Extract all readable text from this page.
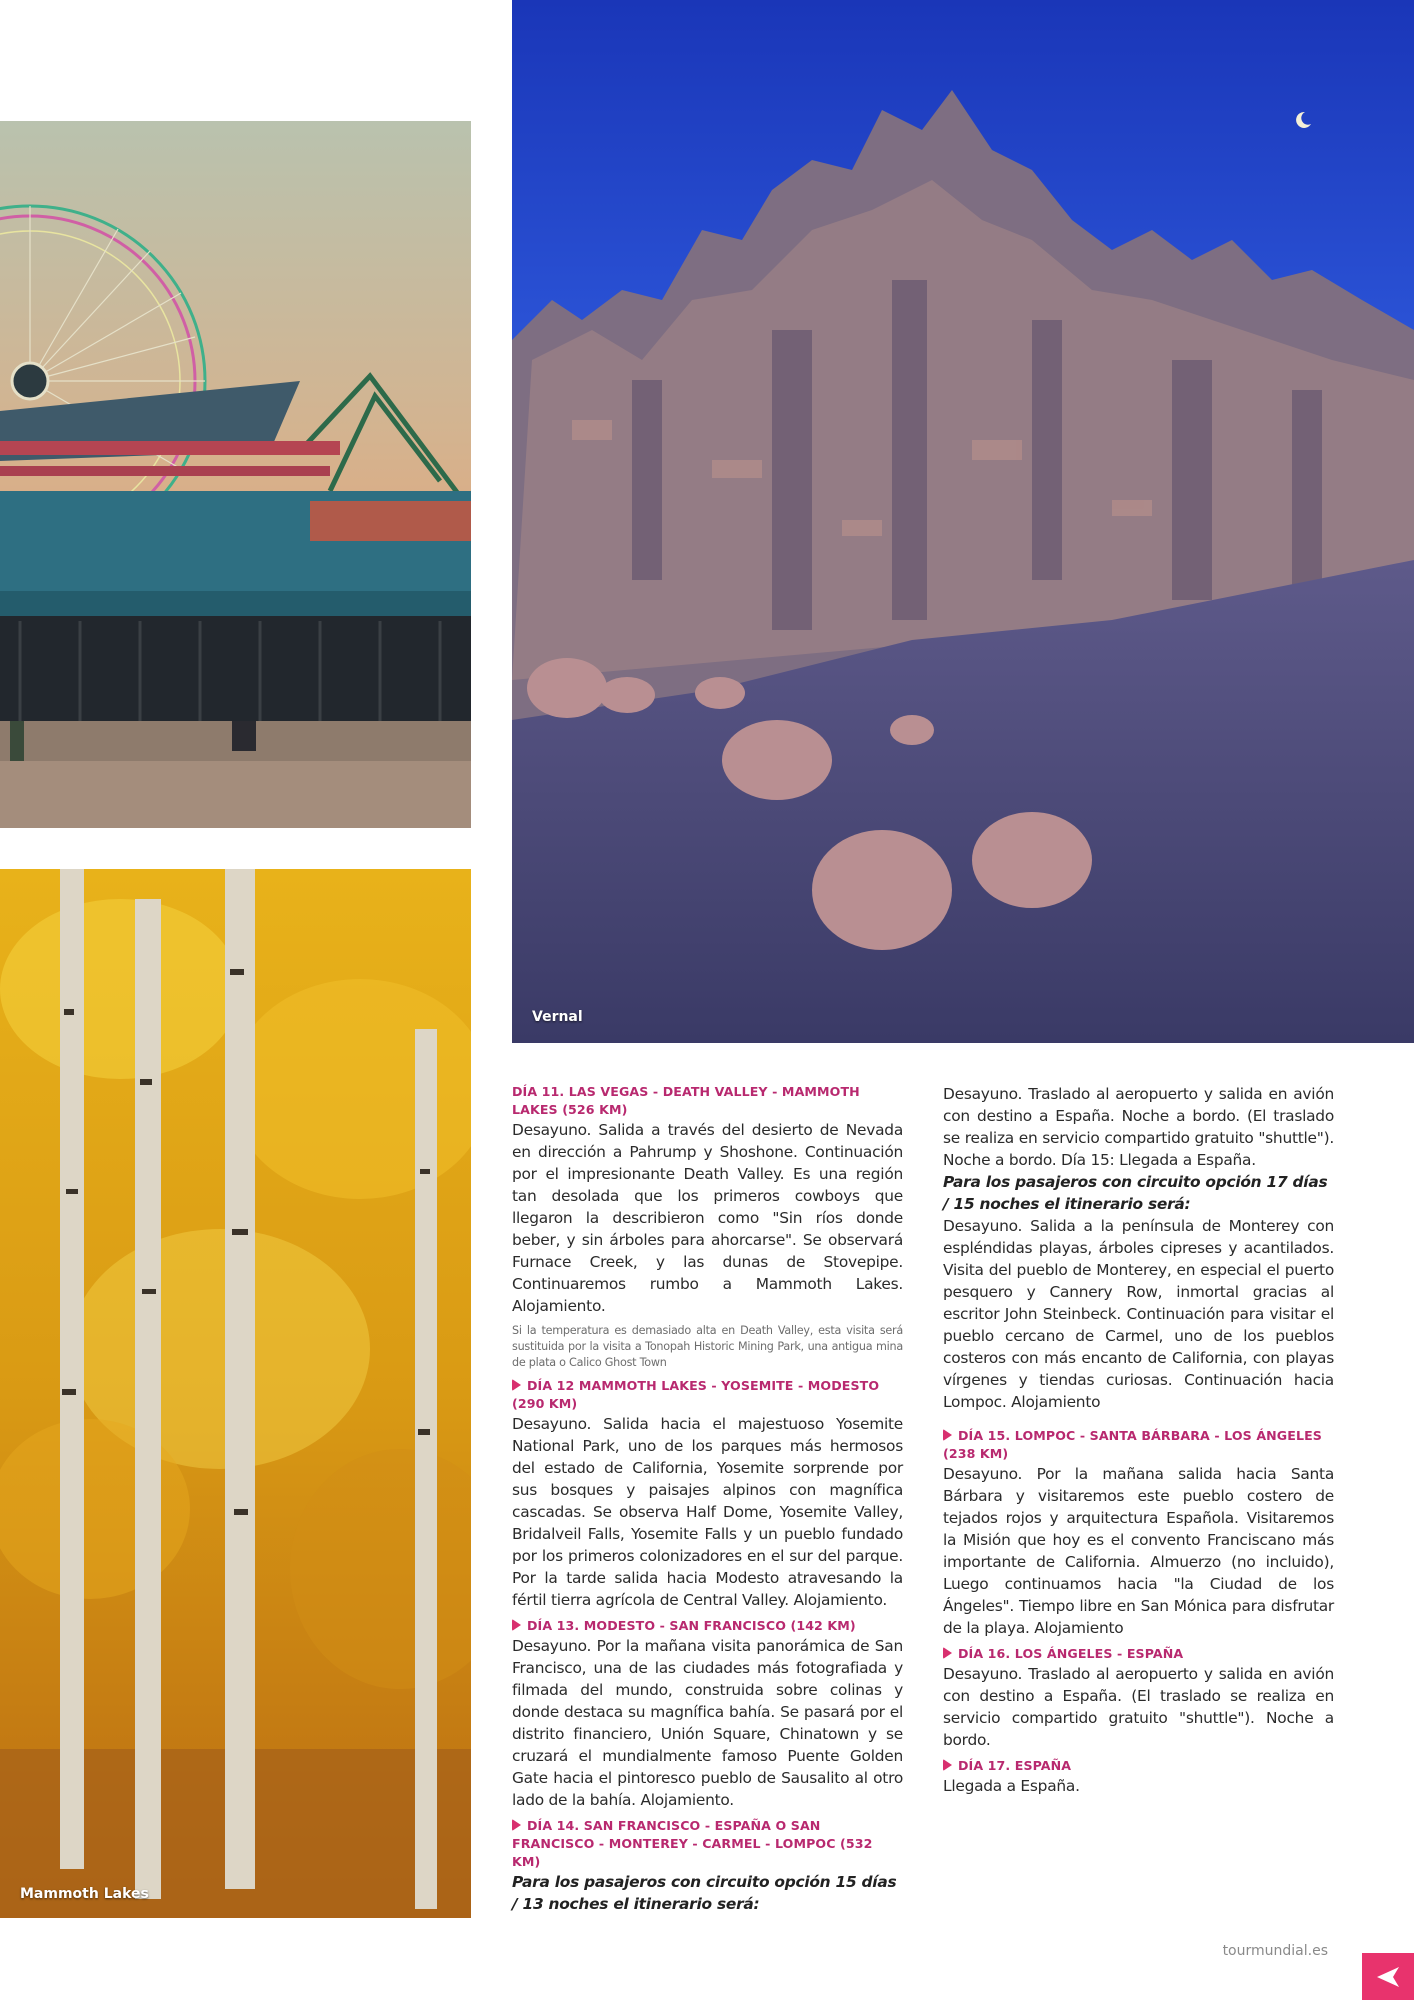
Vernal
Mammoth Lakes
DÍA 11. LAS VEGAS - DEATH VALLEY - MAMMOTH LAKES (526 KM)

Desayuno. Salida a través del desierto de Nevada en dirección a Pahrump y Shoshone. Continuación por el impresionante Death Valley. Es una región tan desolada que los primeros cowboys que llegaron la describieron como "Sin ríos donde beber, y sin árboles para ahorcarse". Se observará Furnace Creek, y las dunas de Stovepipe. Continuaremos rumbo a Mammoth Lakes. Alojamiento.

Si la temperatura es demasiado alta en Death Valley, esta visita será sustituida por la visita a Tonopah Historic Mining Park, una antigua mina de plata o Calico Ghost Town

DÍA 12 MAMMOTH LAKES - YOSEMITE - MODESTO (290 KM)

Desayuno. Salida hacia el majestuoso Yosemite National Park, uno de los parques más hermosos del estado de California, Yosemite sorprende por sus bosques y paisajes alpinos con magnífica cascadas. Se observa Half Dome, Yosemite Valley, Bridalveil Falls, Yosemite Falls y un pueblo fundado por los primeros colonizadores en el sur del parque. Por la tarde salida hacia Modesto atravesando la fértil tierra agrícola de Central Valley. Alojamiento.

DÍA 13. MODESTO - SAN FRANCISCO (142 KM)

Desayuno. Por la mañana visita panorámica de San Francisco, una de las ciudades más fotografiada y filmada del mundo, construida sobre colinas y donde destaca su magnífica bahía. Se pasará por el distrito financiero, Unión Square, Chinatown y se cruzará el mundialmente famoso Puente Golden Gate hacia el pintoresco pueblo de Sausalito al otro lado de la bahía. Alojamiento.

DÍA 14. SAN FRANCISCO - ESPAÑA O SAN FRANCISCO - MONTEREY - CARMEL - LOMPOC (532 KM)

Para los pasajeros con circuito opción 15 días / 13 noches el itinerario será:

Desayuno. Traslado al aeropuerto y salida en avión con destino a España. Noche a bordo. (El traslado se realiza en servicio compartido gratuito "shuttle"). Noche a bordo. Día 15: Llegada a España.

Para los pasajeros con circuito opción 17 días / 15 noches el itinerario será:

Desayuno. Salida a la península de Monterey con espléndidas playas, árboles cipreses y acantilados. Visita del pueblo de Monterey, en especial el puerto pesquero y Cannery Row, inmortal gracias al escritor John Steinbeck. Continuación para visitar el pueblo cercano de Carmel, uno de los pueblos costeros con más encanto de California, con playas vírgenes y tiendas curiosas. Continuación hacia Lompoc. Alojamiento

DÍA 15. LOMPOC - SANTA BÁRBARA - LOS ÁNGELES (238 KM)

Desayuno. Por la mañana salida hacia Santa Bárbara y visitaremos este pueblo costero de tejados rojos y arquitectura Española. Visitaremos la Misión que hoy es el convento Franciscano más importante de California. Almuerzo (no incluido), Luego continuamos hacia "la Ciudad de los Ángeles". Tiempo libre en San Mónica para disfrutar de la playa. Alojamiento

DÍA 16. LOS ÁNGELES - ESPAÑA

Desayuno. Traslado al aeropuerto y salida en avión con destino a España. (El traslado se realiza en servicio compartido gratuito "shuttle"). Noche a bordo.

DÍA 17. ESPAÑA

Llegada a España.

tourmundial.es
